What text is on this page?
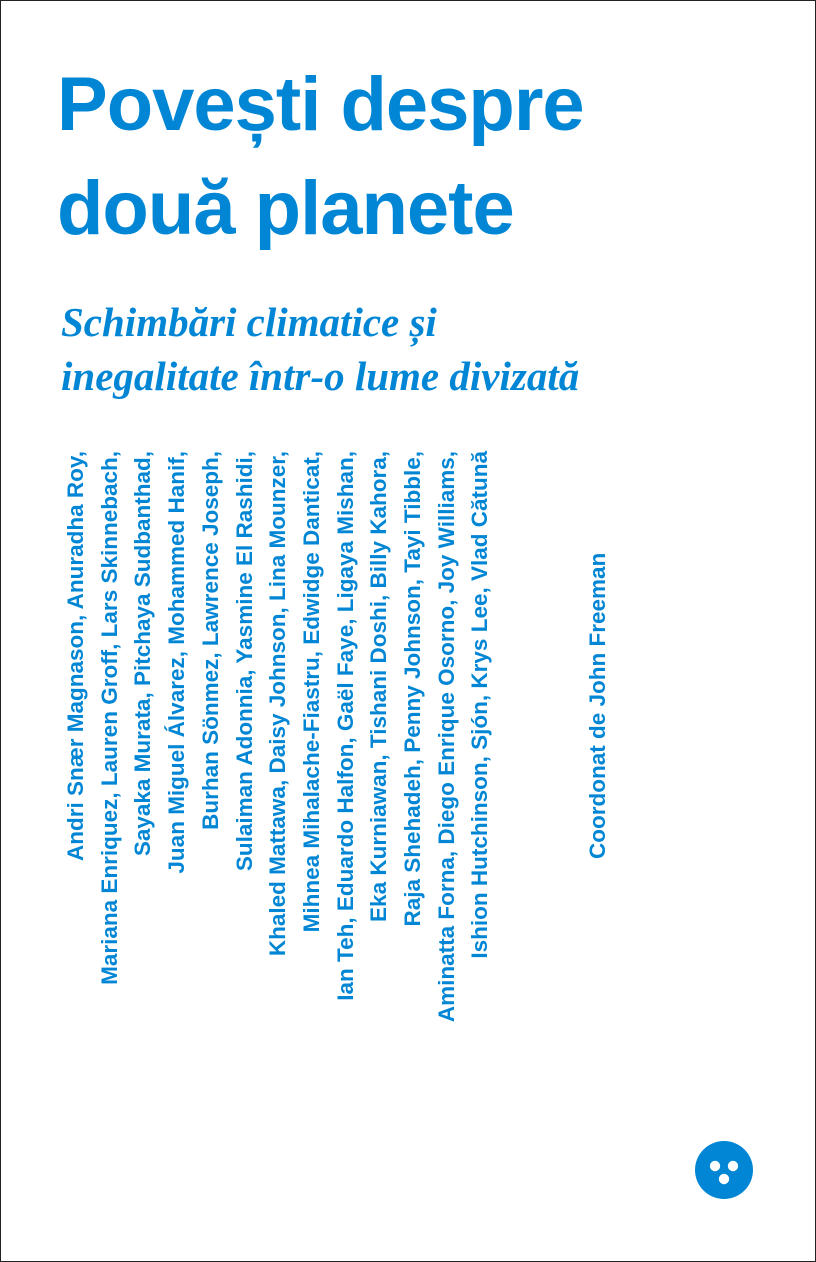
Povești despre
două planete
Schimbări climatice și
inegalitate într-o lume divizată
Andri Snær Magnason, Anuradha Roy, Mariana Enriquez, Lauren Groff, Lars Skinnebach, Sayaka Murata, Pitchaya Sudbanthad, Juan Miguel Álvarez, Mohammed Hanif, Burhan Sönmez, Lawrence Joseph, Sulaiman Adonnia, Yasmine El Rashidi, Khaled Mattawa, Daisy Johnson, Lina Mounzer, Mihnea Mihalache-Fiastru, Edwidge Danticat, Ian Teh, Eduardo Halfon, Gaël Faye, Ligaya Mishan, Eka Kurniawan, Tishani Doshi, Billy Kahora, Raja Shehadeh, Penny Johnson, Tayi Tibble, Aminatta Forna, Diego Enrique Osorno, Joy Williams, Ishion Hutchinson, Sjón, Krys Lee, Vlad Cătună	Coordonat de John Freeman
